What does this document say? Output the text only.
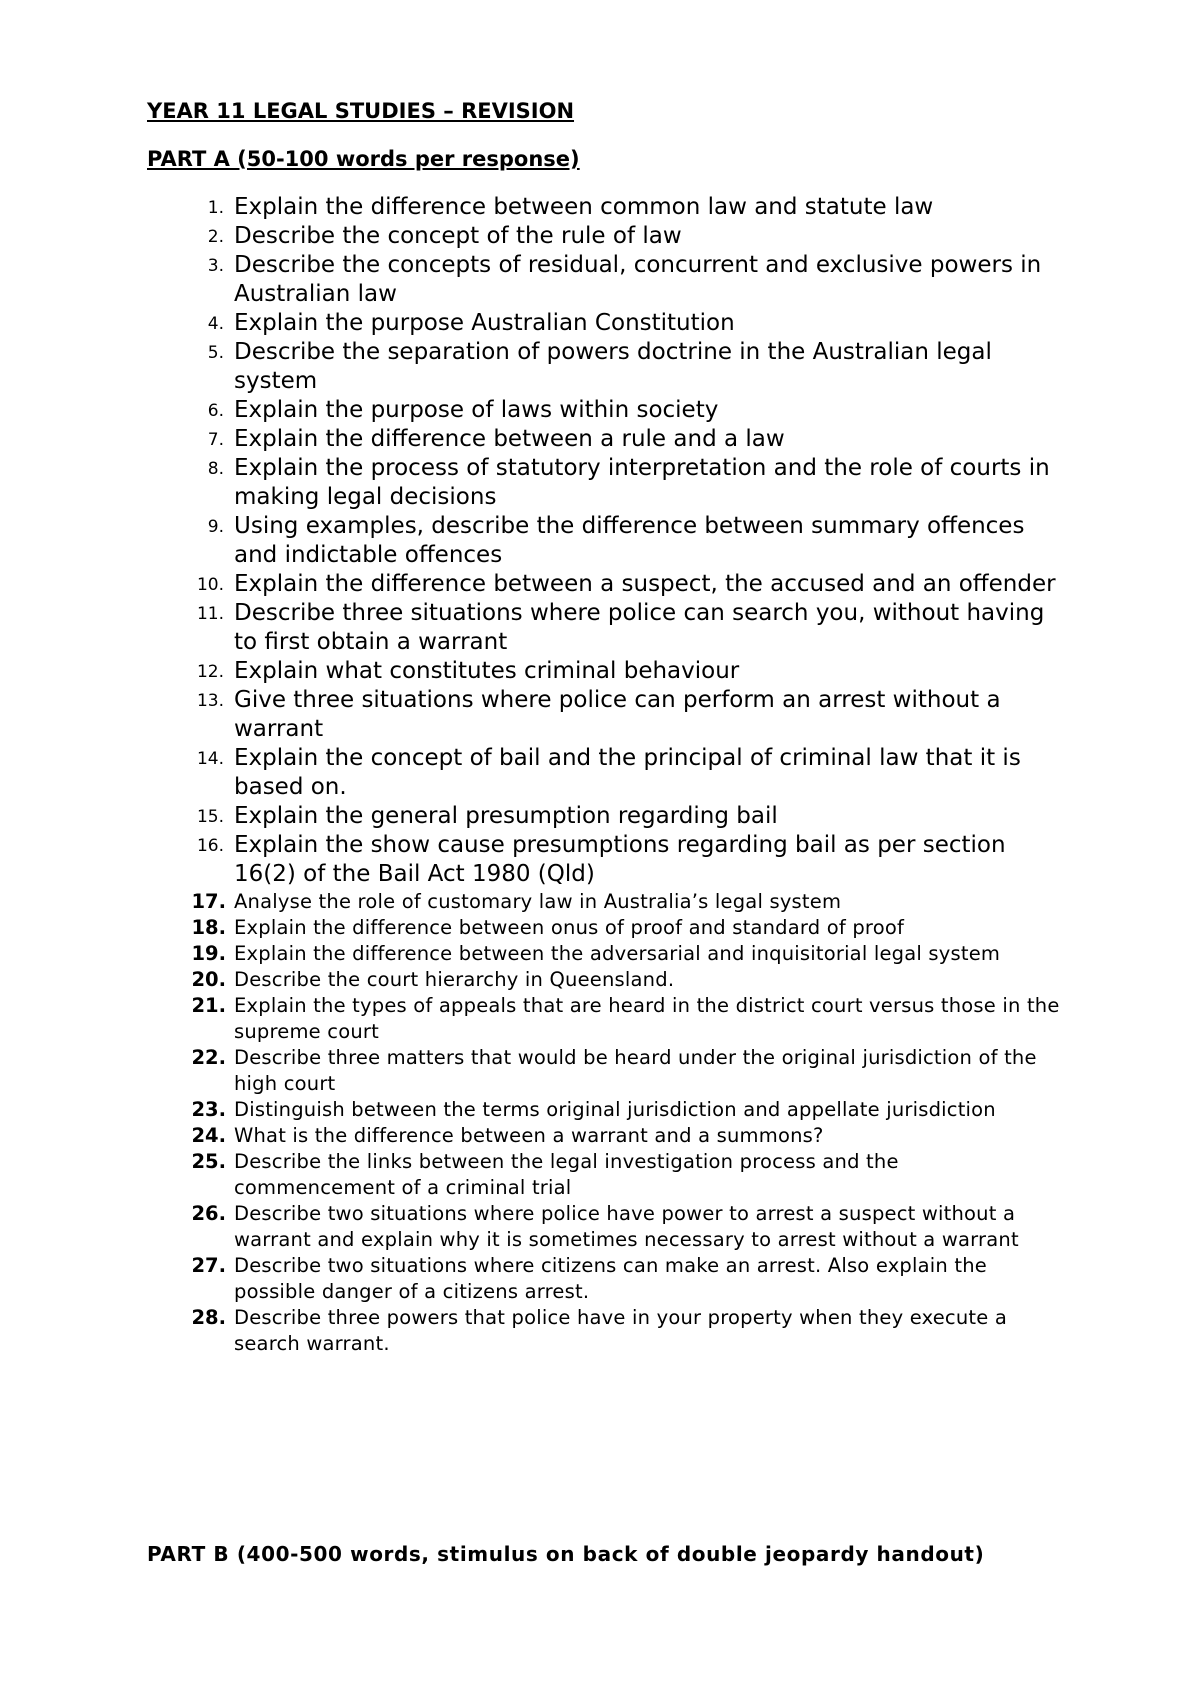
YEAR 11 LEGAL STUDIES – REVISION
PART A (50-100 words per response)
1. Explain the difference between common law and statute law
2. Describe the concept of the rule of law
3. Describe the concepts of residual, concurrent and exclusive powers in Australian law
4. Explain the purpose Australian Constitution
5. Describe the separation of powers doctrine in the Australian legal system
6. Explain the purpose of laws within society
7. Explain the difference between a rule and a law
8. Explain the process of statutory interpretation and the role of courts in making legal decisions
9. Using examples, describe the difference between summary offences and indictable offences
10. Explain the difference between a suspect, the accused and an offender
11. Describe three situations where police can search you, without having to first obtain a warrant
12. Explain what constitutes criminal behaviour
13. Give three situations where police can perform an arrest without a warrant
14. Explain the concept of bail and the principal of criminal law that it is based on.
15. Explain the general presumption regarding bail
16. Explain the show cause presumptions regarding bail as per section 16(2) of the Bail Act 1980 (Qld)
17. Analyse the role of customary law in Australia’s legal system
18. Explain the difference between onus of proof and standard of proof
19. Explain the difference between the adversarial and inquisitorial legal system
20. Describe the court hierarchy in Queensland.
21. Explain the types of appeals that are heard in the district court versus those in the supreme court
22. Describe three matters that would be heard under the original jurisdiction of the high court
23. Distinguish between the terms original jurisdiction and appellate jurisdiction
24. What is the difference between a warrant and a summons?
25. Describe the links between the legal investigation process and the commencement of a criminal trial
26. Describe two situations where police have power to arrest a suspect without a warrant and explain why it is sometimes necessary to arrest without a warrant
27. Describe two situations where citizens can make an arrest. Also explain the possible danger of a citizens arrest.
28. Describe three powers that police have in your property when they execute a search warrant.
PART B (400-500 words, stimulus on back of double jeopardy handout)
